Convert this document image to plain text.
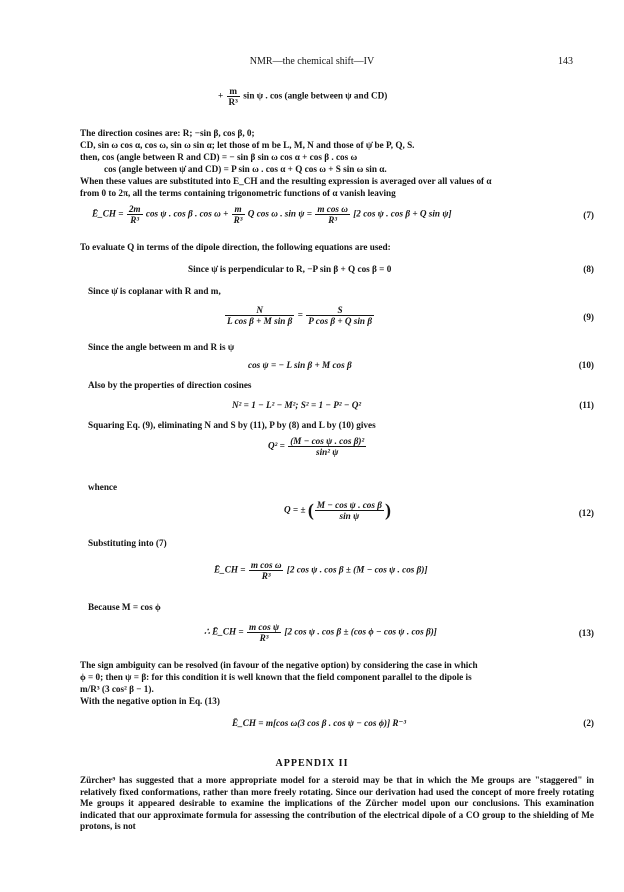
NMR—the chemical shift—IV	143
+ $\frac{m}{\text{R³}}$ sin ψ . cos (angle between ψ and CD)
The direction cosines are: R; −sin β, cos β, 0;
CD, sin ω cos α, cos ω, sin ω sin α; let those of m be L, M, N and those of ψ̇ be P, Q, S.
then, cos (angle between R and CD) = − sin β sin ω cos α + cos β . cos ω
cos (angle between ψ̇ and CD) = P sin ω . cos α + Q cos ω + S sin ω sin α.
When these values are substituted into E_CH and the resulting expression is averaged over all values of α
from 0 to 2π, all the terms containing trigonometric functions of α vanish leaving
Ē_CH = $\frac{2m}{\text{R³}}$ cos ψ . cos β . $\cos \omega + \frac{m}{\text{R³}}$ Q cos ω . $\sin \psi = \frac{\text{m cos ω}}{\text{R³}} [2$ cos ψ . cos β + Q sin ψ]	(7)
To evaluate Q in terms of the dipole direction, the following equations are used:
Since ψ̇ is perpendicular to R, −P sin β + Q cos β = 0	(8)
Since ψ̇ is coplanar with R and m,
$\frac{N}{\text{L cos β + M sin β}} = \frac{S}{\text{P cos β + Q sin β}}$	(9)
Since the angle between m and R is ψ
cos ψ = − L sin β + M cos β	(10)
Also by the properties of direction cosines
N² = 1 − L² − M²; S² = 1 − P² − Q²	(11)
Squaring Eq. (9), eliminating N and S by (11), P by (8) and L by (10) gives
$Q^2 = \frac{\text{(M − cos ψ . cos β)²}}{\text{sin² ψ}}$
whence
Q = ± ( $\frac{\text{M − cos ψ . cos β}}{\text{sin ψ}}$ )	(12)
Substituting into (7)
Ē_CH = $\frac{\text{m cos ω}}{\text{R³}} [2$ cos ψ . cos β ± (M − cos ψ . cos β)]
Because M = cos ϕ
∴ Ē_CH = $\frac{\text{m cos ψ}}{\text{R³}} [2$ cos ψ . cos β ± (cos ϕ − cos ψ . cos β)]	(13)
The sign ambiguity can be resolved (in favour of the negative option) by considering the case in which
ϕ = 0; then ψ = β: for this condition it is well known that the field component parallel to the dipole is
m/R³ (3 cos² β − 1).
With the negative option in Eq. (13)
Ē_CH = m[cos ω(3 cos β . cos ψ − cos ϕ)] R⁻³	(2)
APPENDIX II
Zürcher⁹ has suggested that a more appropriate model for a steroid may be that in which the Me groups are "staggered" in relatively fixed conformations, rather than more freely rotating. Since our derivation had used the concept of more freely rotating Me groups it appeared desirable to examine the implications of the Zürcher model upon our conclusions. This examination indicated that our approximate formula for assessing the contribution of the electrical dipole of a CO group to the shielding of Me protons, is not
